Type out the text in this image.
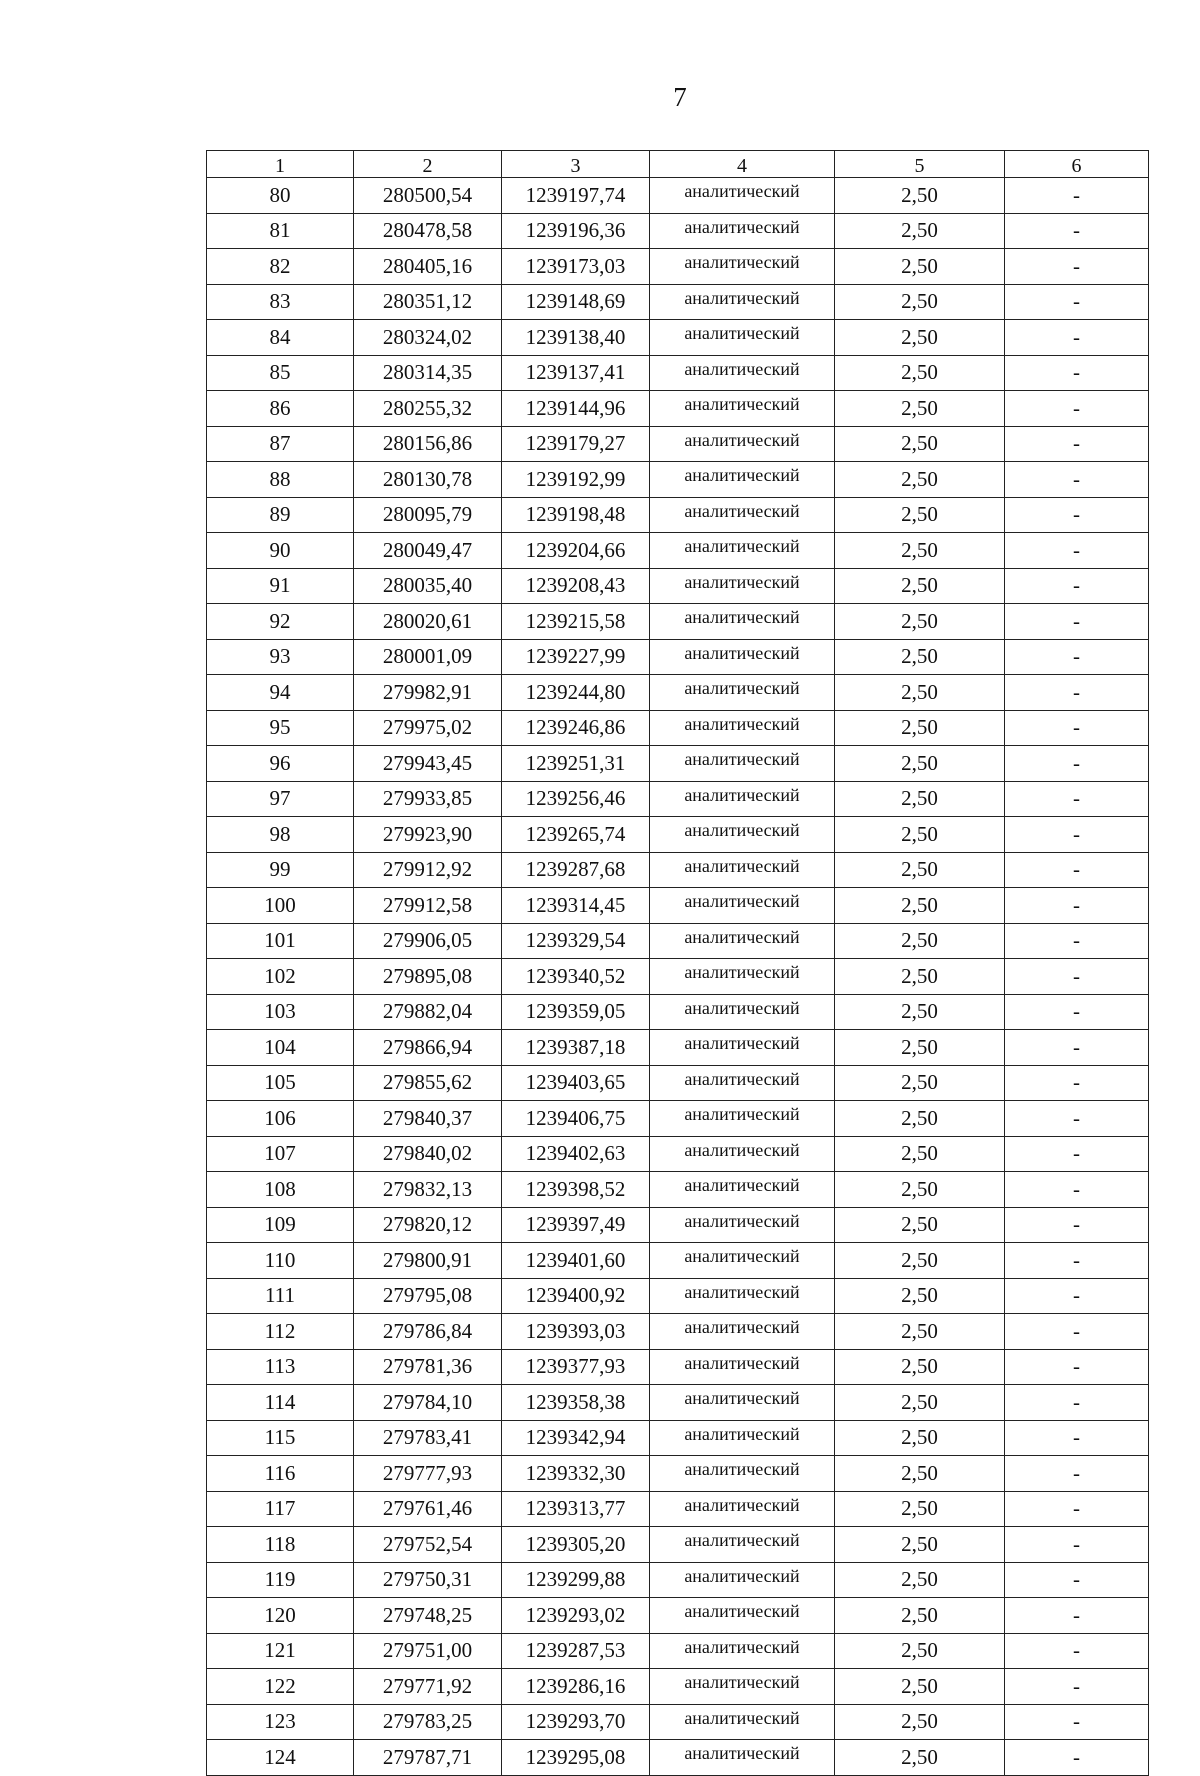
7
1	2	3	4	5	6
80	280500,54	1239197,74	аналитический	2,50	-
81	280478,58	1239196,36	аналитический	2,50	-
82	280405,16	1239173,03	аналитический	2,50	-
83	280351,12	1239148,69	аналитический	2,50	-
84	280324,02	1239138,40	аналитический	2,50	-
85	280314,35	1239137,41	аналитический	2,50	-
86	280255,32	1239144,96	аналитический	2,50	-
87	280156,86	1239179,27	аналитический	2,50	-
88	280130,78	1239192,99	аналитический	2,50	-
89	280095,79	1239198,48	аналитический	2,50	-
90	280049,47	1239204,66	аналитический	2,50	-
91	280035,40	1239208,43	аналитический	2,50	-
92	280020,61	1239215,58	аналитический	2,50	-
93	280001,09	1239227,99	аналитический	2,50	-
94	279982,91	1239244,80	аналитический	2,50	-
95	279975,02	1239246,86	аналитический	2,50	-
96	279943,45	1239251,31	аналитический	2,50	-
97	279933,85	1239256,46	аналитический	2,50	-
98	279923,90	1239265,74	аналитический	2,50	-
99	279912,92	1239287,68	аналитический	2,50	-
100	279912,58	1239314,45	аналитический	2,50	-
101	279906,05	1239329,54	аналитический	2,50	-
102	279895,08	1239340,52	аналитический	2,50	-
103	279882,04	1239359,05	аналитический	2,50	-
104	279866,94	1239387,18	аналитический	2,50	-
105	279855,62	1239403,65	аналитический	2,50	-
106	279840,37	1239406,75	аналитический	2,50	-
107	279840,02	1239402,63	аналитический	2,50	-
108	279832,13	1239398,52	аналитический	2,50	-
109	279820,12	1239397,49	аналитический	2,50	-
110	279800,91	1239401,60	аналитический	2,50	-
111	279795,08	1239400,92	аналитический	2,50	-
112	279786,84	1239393,03	аналитический	2,50	-
113	279781,36	1239377,93	аналитический	2,50	-
114	279784,10	1239358,38	аналитический	2,50	-
115	279783,41	1239342,94	аналитический	2,50	-
116	279777,93	1239332,30	аналитический	2,50	-
117	279761,46	1239313,77	аналитический	2,50	-
118	279752,54	1239305,20	аналитический	2,50	-
119	279750,31	1239299,88	аналитический	2,50	-
120	279748,25	1239293,02	аналитический	2,50	-
121	279751,00	1239287,53	аналитический	2,50	-
122	279771,92	1239286,16	аналитический	2,50	-
123	279783,25	1239293,70	аналитический	2,50	-
124	279787,71	1239295,08	аналитический	2,50	-
